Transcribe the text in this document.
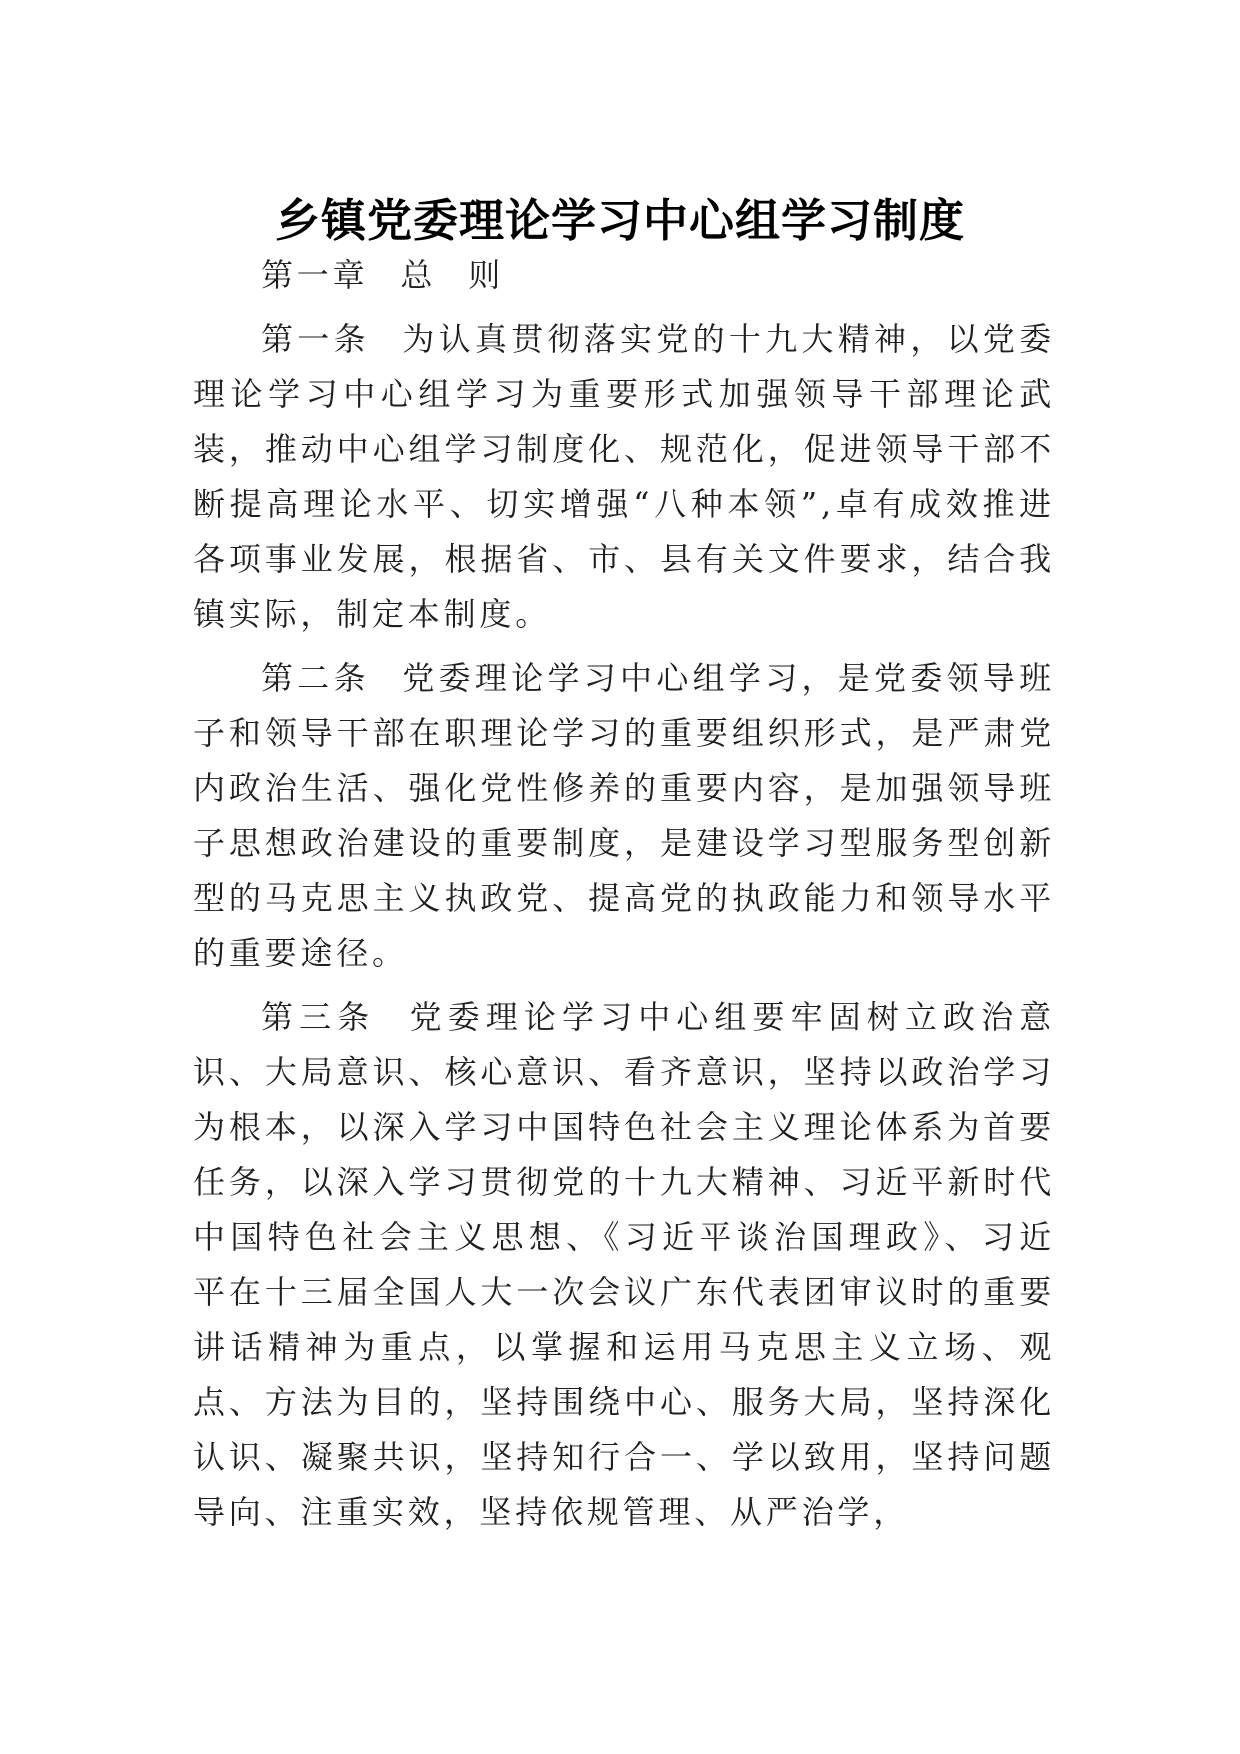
乡镇党委理论学习中心组学习制度

第一章 总 则

第一条 为认真贯彻落实党的十九大精神，以党委理论学习中心组学习为重要形式加强领导干部理论武装，推动中心组学习制度化、规范化，促进领导干部不断提高理论水平、切实增强“八种本领”,卓有成效推进各项事业发展，根据省、市、县有关文件要求，结合我镇实际，制定本制度。

第二条 党委理论学习中心组学习，是党委领导班子和领导干部在职理论学习的重要组织形式，是严肃党内政治生活、强化党性修养的重要内容，是加强领导班子思想政治建设的重要制度，是建设学习型服务型创新型的马克思主义执政党、提高党的执政能力和领导水平的重要途径。

第三条 党委理论学习中心组要牢固树立政治意识、大局意识、核心意识、看齐意识，坚持以政治学习为根本，以深入学习中国特色社会主义理论体系为首要任务，以深入学习贯彻党的十九大精神、习近平新时代中国特色社会主义思想、《习近平谈治国理政》、习近平在十三届全国人大一次会议广东代表团审议时的重要讲话精神为重点，以掌握和运用马克思主义立场、观点、方法为目的，坚持围绕中心、服务大局，坚持深化认识、凝聚共识，坚持知行合一、学以致用，坚持问题导向、注重实效，坚持依规管理、从严治学，
